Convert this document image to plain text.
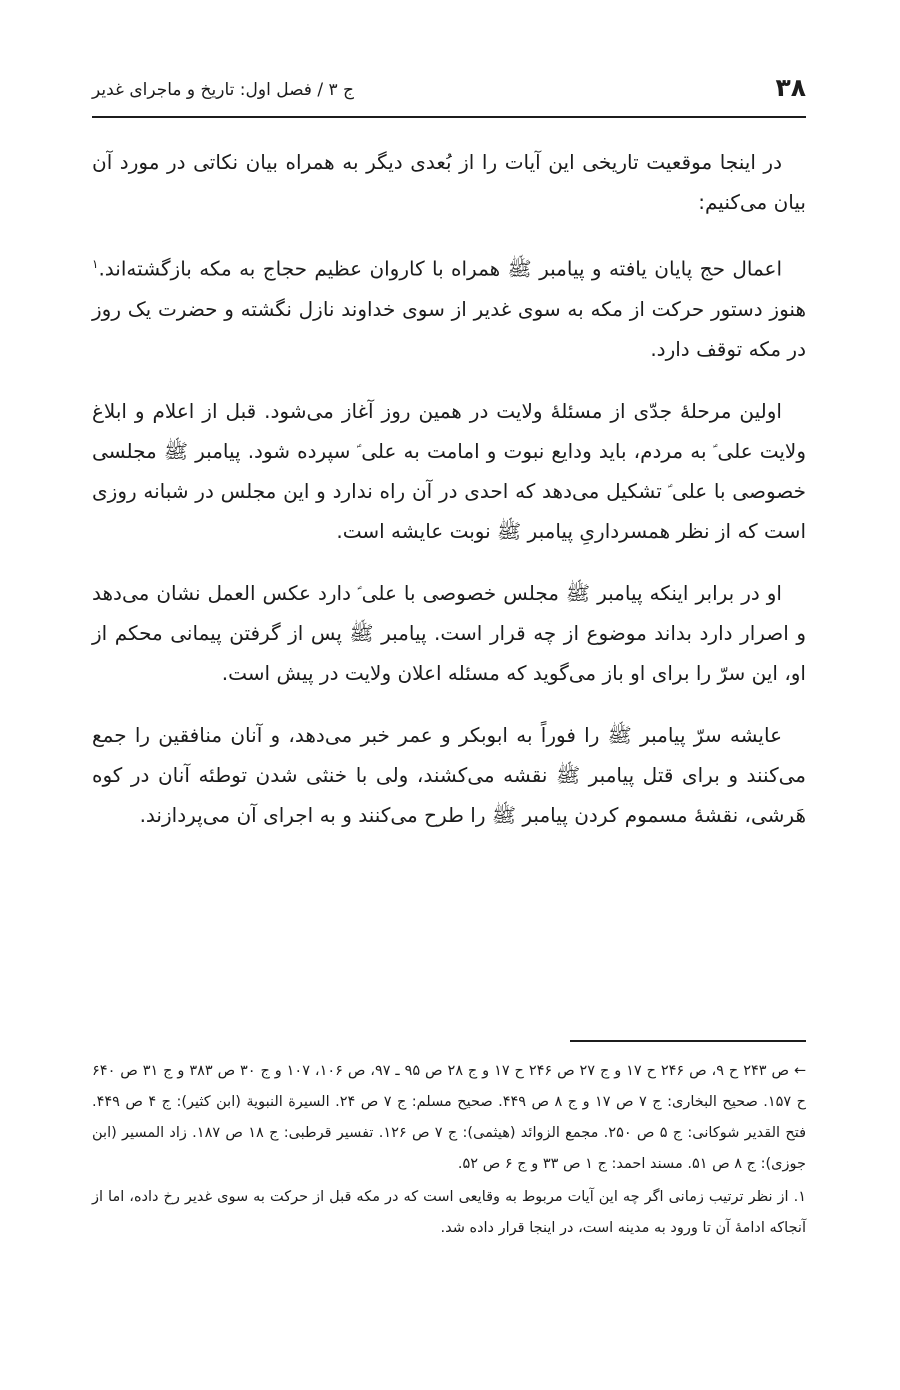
۳۸
ج ۳ / فصل اول: تاریخ و ماجرای غدیر

در اینجا موقعیت تاریخی این آیات را از بُعدی دیگر به همراه بیان نکاتی در مورد آن بیان می‌کنیم:

اعمال حج پایان یافته و پیامبر ﷺ همراه با کاروان عظیم حجاج به مکه بازگشته‌اند.$^۱$ هنوز دستور حرکت از مکه به سوی غدیر از سوی خداوند نازل نگشته و حضرت یک روز در مکه توقف دارد.

اولین مرحلهٔ جدّی از مسئلهٔ ولایت در همین روز آغاز می‌شود. قبل از اعلام و ابلاغ ولایت علی ؑ به مردم، باید ودایع نبوت و امامت به علی ؑ سپرده شود. پیامبر ﷺ مجلسی خصوصی با علی ؑ تشکیل می‌دهد که احدی در آن راه ندارد و این مجلس در شبانه روزی است که از نظر همسرداریِ پیامبر ﷺ نوبت عایشه است.

او در برابر اینکه پیامبر ﷺ مجلس خصوصی با علی ؑ دارد عکس العمل نشان می‌دهد و اصرار دارد بداند موضوع از چه قرار است. پیامبر ﷺ پس از گرفتن پیمانی محکم از او، این سرّ را برای او باز می‌گوید که مسئله اعلان ولایت در پیش است.

عایشه سرّ پیامبر ﷺ را فوراً به ابوبکر و عمر خبر می‌دهد، و آنان منافقین را جمع می‌کنند و برای قتل پیامبر ﷺ نقشه می‌کشند، ولی با خنثی شدن توطئه آنان در کوه هَرشی، نقشهٔ مسموم کردن پیامبر ﷺ را طرح می‌کنند و به اجرای آن می‌پردازند.

← ص ۲۴۳ ح ۹، ص ۲۴۶ ح ۱۷ و ج ۲۷ ص ۲۴۶ ح ۱۷ و ج ۲۸ ص ۹۵ ـ ۹۷، ص ۱۰۶، ۱۰۷ و ج ۳۰ ص ۳۸۳ و ج ۳۱ ص ۶۴۰ ح ۱۵۷. صحیح البخاری: ج ۷ ص ۱۷ و ج ۸ ص ۴۴۹. صحیح مسلم: ج ۷ ص ۲۴. السیرة النبویة (ابن کثیر): ج ۴ ص ۴۴۹. فتح القدیر شوکانی: ج ۵ ص ۲۵۰. مجمع الزوائد (هیثمی): ج ۷ ص ۱۲۶. تفسیر قرطبی: ج ۱۸ ص ۱۸۷. زاد المسیر (ابن جوزی): ج ۸ ص ۵۱. مسند احمد: ج ۱ ص ۳۳ و ج ۶ ص ۵۲.

۱. از نظر ترتیب زمانی اگر چه این آیات مربوط به وقایعی است که در مکه قبل از حرکت به سوی غدیر رخ داده، اما از آنجاکه ادامهٔ آن تا ورود به مدینه است، در اینجا قرار داده شد.
